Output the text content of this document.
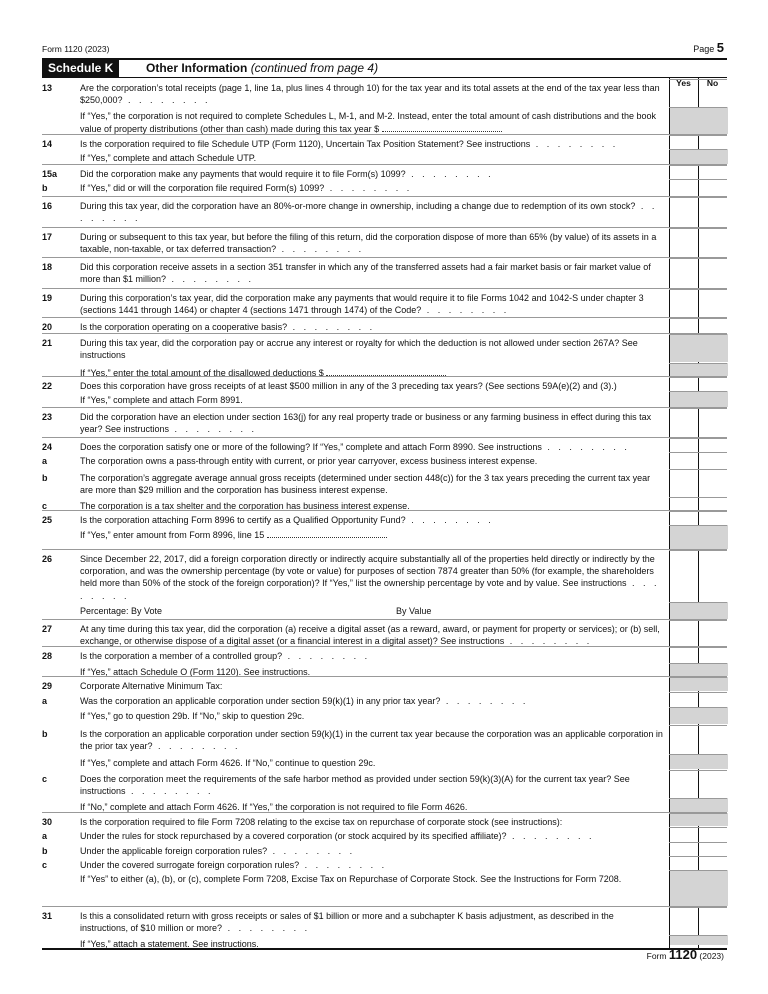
Form 1120 (2023)	Page 5
Schedule K	Other Information (continued from page 4)
Yes	No
13	Are the corporation’s total receipts (page 1, line 1a, plus lines 4 through 10) for the tax year and its total assets at the end of the tax year less than $250,000? . . . . . . . .
If “Yes,” the corporation is not required to complete Schedules L, M-1, and M-2. Instead, enter the total amount of cash distributions and the book value of property distributions (other than cash) made during this tax year $
14	Is the corporation required to file Schedule UTP (Form 1120), Uncertain Tax Position Statement? See instructions . . . . . . . .
If “Yes,” complete and attach Schedule UTP.
15a	Did the corporation make any payments that would require it to file Form(s) 1099? . . . . . . . .
b	If “Yes,” did or will the corporation file required Form(s) 1099? . . . . . . . .
16	During this tax year, did the corporation have an 80%-or-more change in ownership, including a change due to redemption of its own stock? . . . . . . . .
17	During or subsequent to this tax year, but before the filing of this return, did the corporation dispose of more than 65% (by value) of its assets in a taxable, non-taxable, or tax deferred transaction? . . . . . . . .
18	Did this corporation receive assets in a section 351 transfer in which any of the transferred assets had a fair market basis or fair market value of more than $1 million? . . . . . . . .
19	During this corporation’s tax year, did the corporation make any payments that would require it to file Forms 1042 and 1042-S under chapter 3 (sections 1441 through 1464) or chapter 4 (sections 1471 through 1474) of the Code? . . . . . . . .
20	Is the corporation operating on a cooperative basis? . . . . . . . .
21	During this tax year, did the corporation pay or accrue any interest or royalty for which the deduction is not allowed under section 267A? See instructions
If “Yes,” enter the total amount of the disallowed deductions $
22	Does this corporation have gross receipts of at least $500 million in any of the 3 preceding tax years? (See sections 59A(e)(2) and (3).)
If “Yes,” complete and attach Form 8991.
23	Did the corporation have an election under section 163(j) for any real property trade or business or any farming business in effect during this tax year? See instructions . . . . . . . .
24	Does the corporation satisfy one or more of the following? If “Yes,” complete and attach Form 8990. See instructions . . . . . . . .
a	The corporation owns a pass-through entity with current, or prior year carryover, excess business interest expense.
b	The corporation’s aggregate average annual gross receipts (determined under section 448(c)) for the 3 tax years preceding the current tax year are more than $29 million and the corporation has business interest expense.
c	The corporation is a tax shelter and the corporation has business interest expense.
25	Is the corporation attaching Form 8996 to certify as a Qualified Opportunity Fund? . . . . . . . .
If “Yes,” enter amount from Form 8996, line 15
26	Since December 22, 2017, did a foreign corporation directly or indirectly acquire substantially all of the properties held directly or indirectly by the corporation, and was the ownership percentage (by vote or value) for purposes of section 7874 greater than 50% (for example, the shareholders held more than 50% of the stock of the foreign corporation)? If “Yes,” list the ownership percentage by vote and by value. See instructions . . . . . . . .
Percentage: By Vote	By Value
27	At any time during this tax year, did the corporation (a) receive a digital asset (as a reward, award, or payment for property or services); or (b) sell, exchange, or otherwise dispose of a digital asset (or a financial interest in a digital asset)? See instructions . . . . . . . .
28	Is the corporation a member of a controlled group? . . . . . . . .
If “Yes,” attach Schedule O (Form 1120). See instructions.
29	Corporate Alternative Minimum Tax:
a	Was the corporation an applicable corporation under section 59(k)(1) in any prior tax year? . . . . . . . .
If “Yes,” go to question 29b. If “No,” skip to question 29c.
b	Is the corporation an applicable corporation under section 59(k)(1) in the current tax year because the corporation was an applicable corporation in the prior tax year? . . . . . . . .
If “Yes,” complete and attach Form 4626. If “No,” continue to question 29c.
c	Does the corporation meet the requirements of the safe harbor method as provided under section 59(k)(3)(A) for the current tax year? See instructions . . . . . . . .
If “No,” complete and attach Form 4626. If “Yes,” the corporation is not required to file Form 4626.
30	Is the corporation required to file Form 7208 relating to the excise tax on repurchase of corporate stock (see instructions):
a	Under the rules for stock repurchased by a covered corporation (or stock acquired by its specified affiliate)? . . . . . . . .
b	Under the applicable foreign corporation rules? . . . . . . . .
c	Under the covered surrogate foreign corporation rules? . . . . . . . .
If “Yes” to either (a), (b), or (c), complete Form 7208, Excise Tax on Repurchase of Corporate Stock. See the Instructions for Form 7208.
31	Is this a consolidated return with gross receipts or sales of $1 billion or more and a subchapter K basis adjustment, as described in the instructions, of $10 million or more? . . . . . . . .
If “Yes,” attach a statement. See instructions.
Form 1120 (2023)
